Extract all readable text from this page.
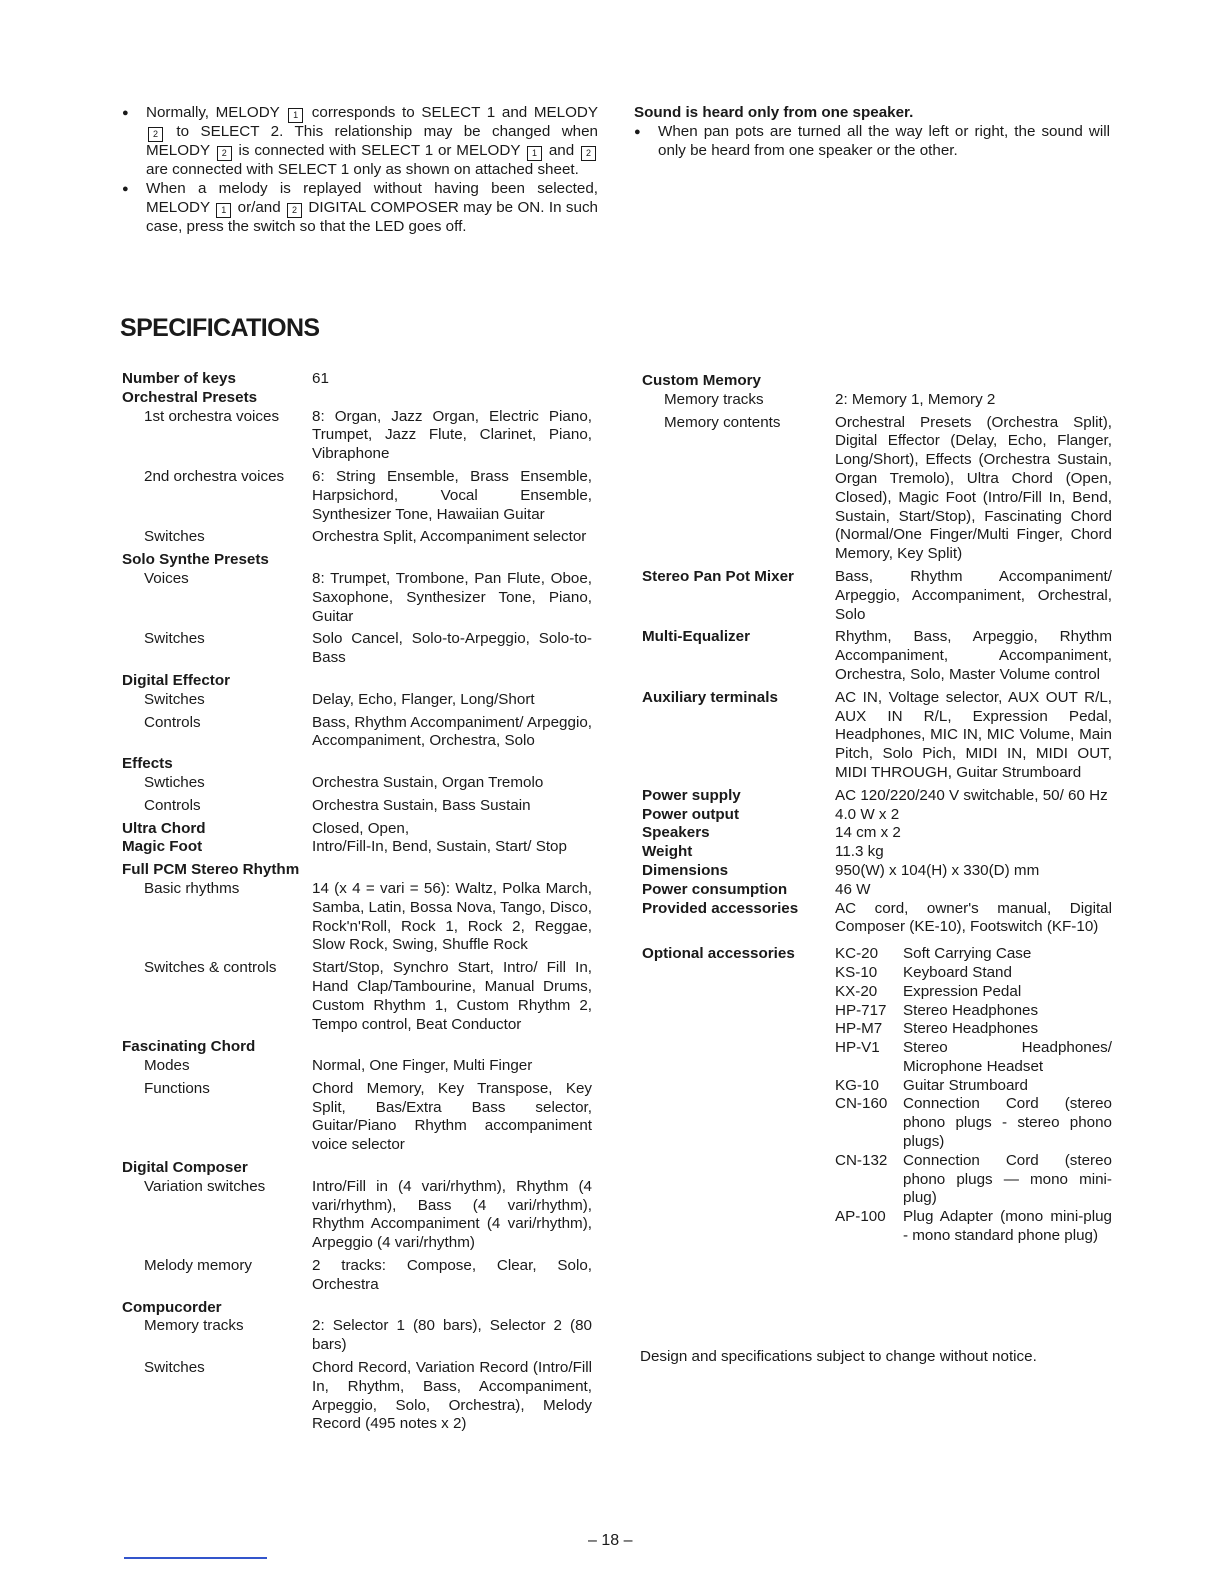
● Normally, MELODY 1 corresponds to SELECT 1 and MELODY 2 to SELECT 2. This relationship may be changed when MELODY 2 is connected with SELECT 1 or MELODY 1 and 2 are connected with SELECT 1 only as shown on attached sheet.
● When a melody is replayed without having been selected, MELODY 1 or/and 2 DIGITAL COMPOSER may be ON. In such case, press the switch so that the LED goes off.
Sound is heard only from one speaker.
● When pan pots are turned all the way left or right, the sound will only be heard from one speaker or the other.
SPECIFICATIONS
Number of keys	61
Orchestral Presets
1st orchestra voices	8: Organ, Jazz Organ, Electric Piano, Trumpet, Jazz Flute, Clarinet, Piano, Vibraphone
2nd orchestra voices	6: String Ensemble, Brass Ensemble, Harpsichord, Vocal Ensemble, Synthesizer Tone, Hawaiian Guitar
Switches	Orchestra Split, Accompaniment selector
Solo Synthe Presets
Voices	8: Trumpet, Trombone, Pan Flute, Oboe, Saxophone, Synthesizer Tone, Piano, Guitar
Switches	Solo Cancel, Solo-to-Arpeggio, Solo-to-Bass
Digital Effector
Switches	Delay, Echo, Flanger, Long/Short
Controls	Bass, Rhythm Accompaniment/ Arpeggio, Accompaniment, Orchestra, Solo
Effects
Swtiches	Orchestra Sustain, Organ Tremolo
Controls	Orchestra Sustain, Bass Sustain
Ultra Chord	Closed, Open,
Magic Foot	Intro/Fill-In, Bend, Sustain, Start/ Stop
Full PCM Stereo Rhythm
Basic rhythms	14 (x 4 = vari = 56): Waltz, Polka March, Samba, Latin, Bossa Nova, Tango, Disco, Rock'n'Roll, Rock 1, Rock 2, Reggae, Slow Rock, Swing, Shuffle Rock
Switches & controls	Start/Stop, Synchro Start, Intro/ Fill In, Hand Clap/Tambourine, Manual Drums, Custom Rhythm 1, Custom Rhythm 2, Tempo control, Beat Conductor
Fascinating Chord
Modes	Normal, One Finger, Multi Finger
Functions	Chord Memory, Key Transpose, Key Split, Bas/Extra Bass selector, Guitar/Piano Rhythm accompaniment voice selector
Digital Composer
Variation switches	Intro/Fill in (4 vari/rhythm), Rhythm (4 vari/rhythm), Bass (4 vari/rhythm), Rhythm Accompaniment (4 vari/rhythm), Arpeggio (4 vari/rhythm)
Melody memory	2 tracks: Compose, Clear, Solo, Orchestra
Compucorder
Memory tracks	2: Selector 1 (80 bars), Selector 2 (80 bars)
Switches	Chord Record, Variation Record (Intro/Fill In, Rhythm, Bass, Accompaniment, Arpeggio, Solo, Orchestra), Melody Record (495 notes x 2)
Custom Memory
Memory tracks	2: Memory 1, Memory 2
Memory contents	Orchestral Presets (Orchestra Split), Digital Effector (Delay, Echo, Flanger, Long/Short), Effects (Orchestra Sustain, Organ Tremolo), Ultra Chord (Open, Closed), Magic Foot (Intro/Fill In, Bend, Sustain, Start/Stop), Fascinating Chord (Normal/One Finger/Multi Finger, Chord Memory, Key Split)
Stereo Pan Pot Mixer	Bass, Rhythm Accompaniment/ Arpeggio, Accompaniment, Orchestral, Solo
Multi-Equalizer	Rhythm, Bass, Arpeggio, Rhythm Accompaniment, Accompaniment, Orchestra, Solo, Master Volume control
Auxiliary terminals	AC IN, Voltage selector, AUX OUT R/L, AUX IN R/L, Expression Pedal, Headphones, MIC IN, MIC Volume, Main Pitch, Solo Pich, MIDI IN, MIDI OUT, MIDI THROUGH, Guitar Strumboard
Power supply	AC 120/220/240 V switchable, 50/ 60 Hz
Power output	4.0 W x 2
Speakers	14 cm x 2
Weight	11.3 kg
Dimensions	950(W) x 104(H) x 330(D) mm
Power consumption	46 W
Provided accessories	AC cord, owner's manual, Digital Composer (KE-10), Footswitch (KF-10)
Optional accessories	KC-20	Soft Carrying Case
KS-10	Keyboard Stand
KX-20	Expression Pedal
HP-717	Stereo Headphones
HP-M7	Stereo Headphones
HP-V1	Stereo Headphones/ Microphone Headset
KG-10	Guitar Strumboard
CN-160	Connection Cord (stereo phono plugs - stereo phono plugs)
CN-132	Connection Cord (stereo phono plugs — mono mini-plug)
AP-100	Plug Adapter (mono mini-plug - mono standard phone plug)
Design and specifications subject to change without notice.
– 18 –
